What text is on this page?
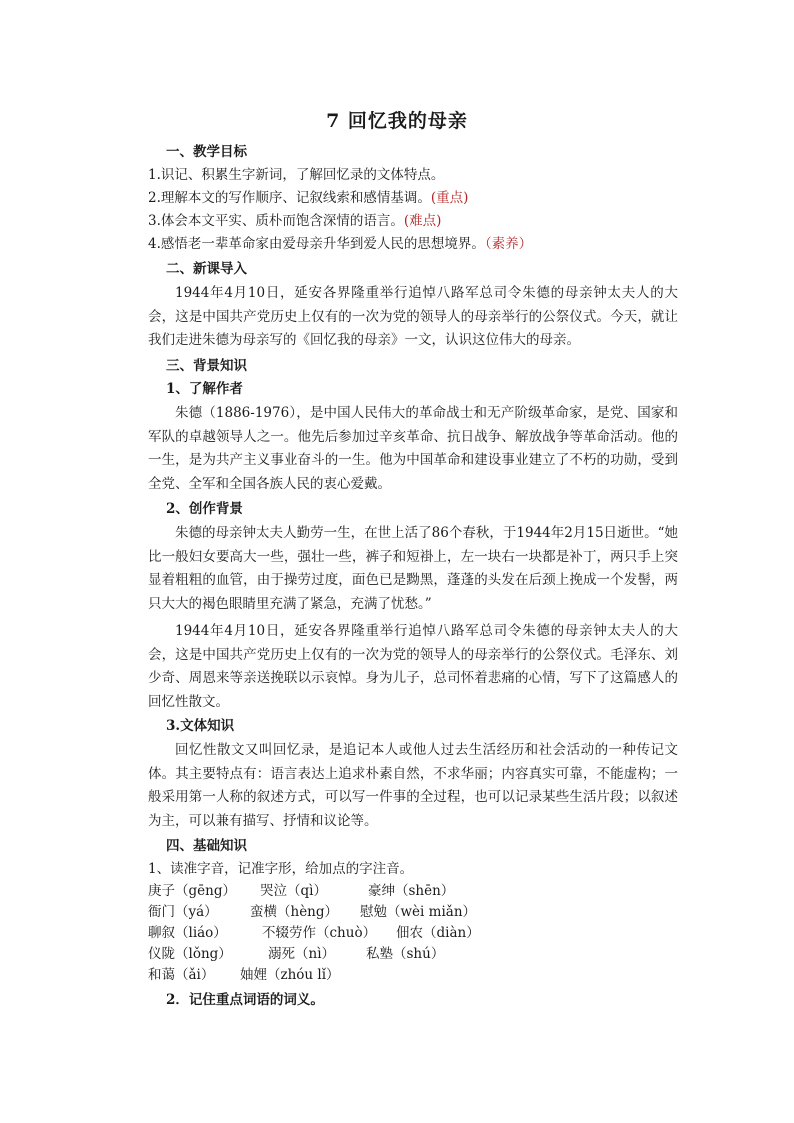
7 回忆我的母亲
一、教学目标
1.识记、积累生字新词，了解回忆录的文体特点。
2.理解本文的写作顺序、记叙线索和感情基调。(重点)
3.体会本文平实、质朴而饱含深情的语言。(难点)
4.感悟老一辈革命家由爱母亲升华到爱人民的思想境界。（素养）
二、新课导入
1944年4月10日，延安各界隆重举行追悼八路军总司令朱德的母亲钟太夫人的大会，这是中国共产党历史上仅有的一次为党的领导人的母亲举行的公祭仪式。今天，就让我们走进朱德为母亲写的《回忆我的母亲》一文，认识这位伟大的母亲。
三、背景知识
1、了解作者
朱德（1886-1976），是中国人民伟大的革命战士和无产阶级革命家，是党、国家和军队的卓越领导人之一。他先后参加过辛亥革命、抗日战争、解放战争等革命活动。他的一生，是为共产主义事业奋斗的一生。他为中国革命和建设事业建立了不朽的功勋，受到全党、全军和全国各族人民的衷心爱戴。
2、创作背景
朱德的母亲钟太夫人勤劳一生，在世上活了86个春秋，于1944年2月15日逝世。“她比一般妇女要高大一些，强壮一些，裤子和短褂上，左一块右一块都是补丁，两只手上突显着粗粗的血管，由于操劳过度，面色已是黝黑，蓬蓬的头发在后颈上挽成一个发髻，两只大大的褐色眼睛里充满了紧急，充满了忧愁。”
1944年4月10日，延安各界隆重举行追悼八路军总司令朱德的母亲钟太夫人的大会，这是中国共产党历史上仅有的一次为党的领导人的母亲举行的公祭仪式。毛泽东、刘少奇、周恩来等亲送挽联以示哀悼。身为儿子，总司怀着悲痛的心情，写下了这篇感人的回忆性散文。
3.文体知识
回忆性散文又叫回忆录，是追记本人或他人过去生活经历和社会活动的一种传记文体。其主要特点有：语言表达上追求朴素自然，不求华丽；内容真实可靠，不能虚构；一般采用第一人称的叙述方式，可以写一件事的全过程，也可以记录某些生活片段；以叙述为主，可以兼有描写、抒情和议论等。
四、基础知识
1、读准字音，记准字形，给加点的字注音。
庚子（gēng） 哭泣（qì）	豪绅（shēn）
衙门（yá） 蛮横（hèng） 慰勉（wèi miǎn）
聊叙（liáo）	不辍劳作（chuò） 佃农（diàn）
仪陇（lǒng）	溺死（nì） 私塾（shú）
和蔼（ǎi） 妯娌（zhóu lǐ）
2．记住重点词语的词义。
